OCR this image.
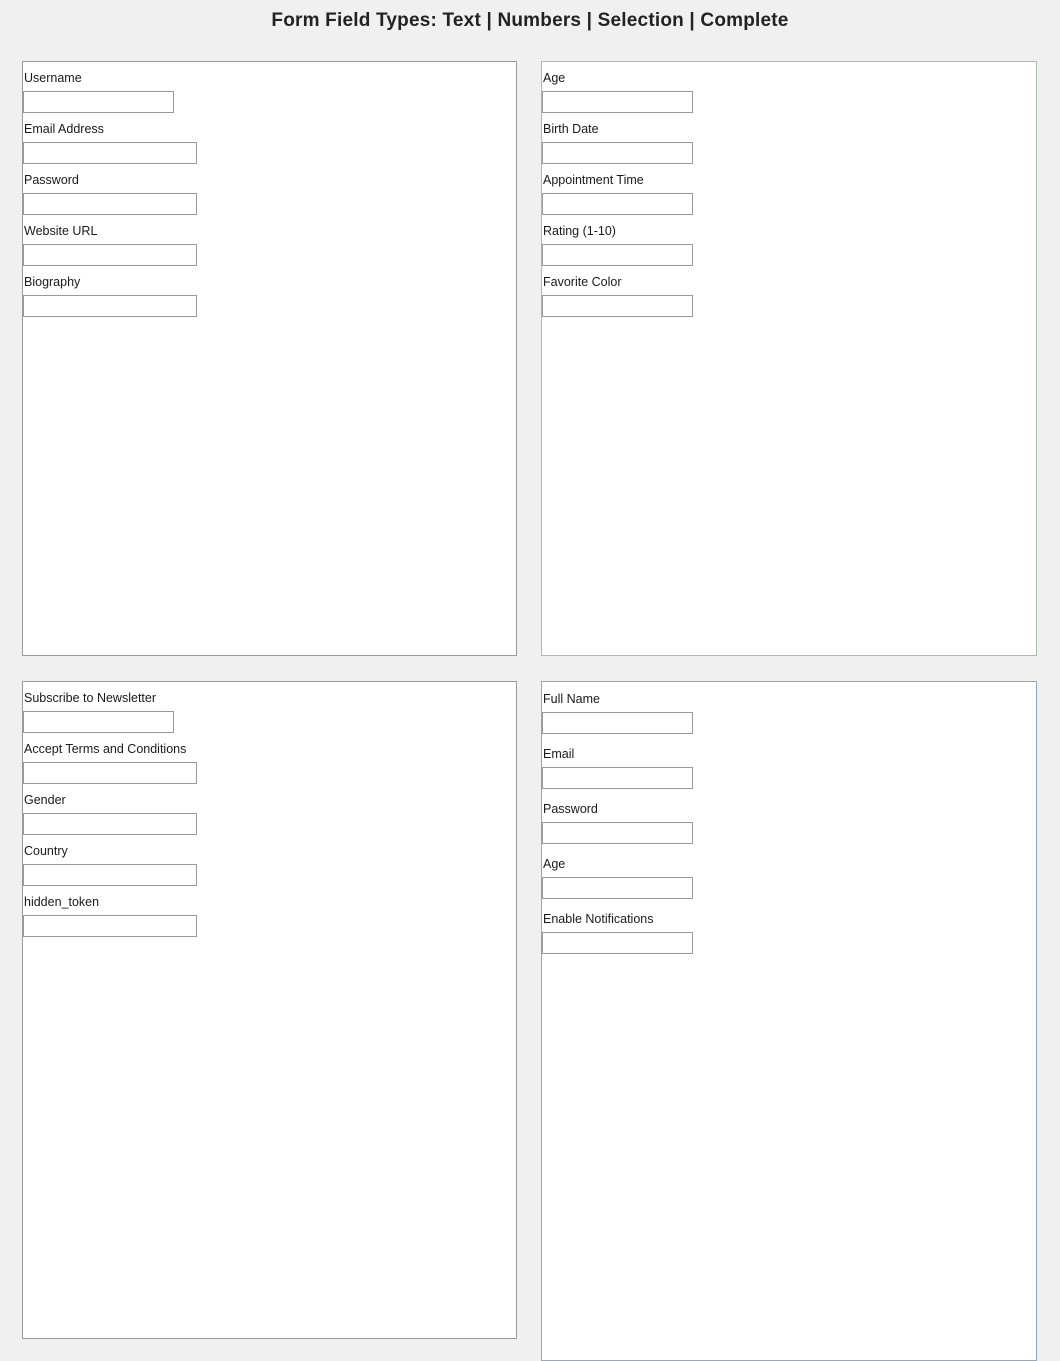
Form Field Types: Text | Numbers | Selection | Complete
Username
Email Address
Password
Website URL
Biography
Age
Birth Date
Appointment Time
Rating (1-10)
Favorite Color
Subscribe to Newsletter
Accept Terms and Conditions
Gender
Country
hidden_token
Full Name
Email
Password
Age
Enable Notifications
